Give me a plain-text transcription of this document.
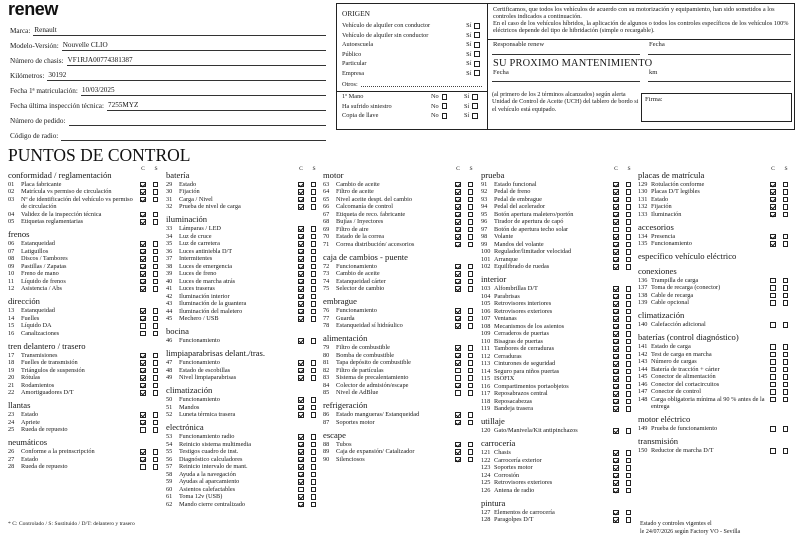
renew
Marca: Renault
Modelo-Versión: Nouvelle CLIO
Número de chasis: VF1RJA00774381387
Kilómetros: 30192
Fecha 1ª matriculación: 10/03/2025
Fecha última inspección técnica: 7255MYZ
Número de pedido:
Código de radio:
ORIGEN
Vehículo de alquiler con conductor	Sí
Vehículo de alquiler sin conductor	Sí
Autoescuela	Sí
Público	Sí
Particular	Sí
Empresa	Sí
Otros:
1º Mano	No	Sí
Ha sufrido siniestro	No	Sí
Copia de llave	No	Sí
Certificamos, que todos los vehículos de acuerdo con su motorización y equipamiento, han sido sometidos a los controles indicados a continuación.
En el caso de los vehículos híbridos, la aplicación de algunos o todos los controles específicos de los vehículos 100% eléctricos depende del tipo de hibridación (simple o recargable).
Responsable renew	Fecha
SU PROXIMO MANTENIMIENTO
Fecha	km
(al primero de los 2 términos alcanzados) según alerta Unidad de Control de Aceite (UCH) del tablero de bordo si el vehículo está equipado.
Firma:
PUNTOS DE CONTROL
C S
conformidad / reglamentación
01	Placa fabricante
02	Matrícula vs permiso de circulación
03	Nº de identificación del vehículo vs permiso de circulación
04	Validez de la inspección técnica
05	Etiquetas reglamentarias
frenos
06	Estanqueidad
07	Latiguillos
08	Discos / Tambores
09	Pastillas / Zapatas
10	Freno de mano
11	Líquido de frenos
12	Asistencia / Abs
dirección
13	Estanqueidad
14	Fuelles
15	Líquido DA
16	Canalizaciones
tren delantero / trasero
17	Transmisiones
18	Fuelles de transmisión
19	Triángulos de suspensión
20	Rótulas
21	Rodamientos
22	Amortiguadores D/T
llantas
23	Estado
24	Apriete
25	Rueda de repuesto
neumáticos
26	Conforme a la preinscripción
27	Estado
28	Rueda de repuesto
C S
batería
29	Estado
30	Fijación
31	Carga / Nivel
32	Prueba de nivel de carga
iluminación
33	Lámparas / LED
34	Luz de cruce
35	Luz de carretera
36	Luces antiniebla D/T
37	Intermitentes
38	Luces de emergencia
39	Luces de freno
40	Luces de marcha atrás
41	Luces traseras
42	Iluminación interior
43	Iluminación de la guantera
44	Iluminación del maletero
45	Mechero / USB
bocina
46	Funcionamiento
limpiaparabrisas delant./tras.
47	Funcionamiento
48	Estado de escobillas
49	Nivel limpiaparabrisas
climatización
50	Funcionamiento
51	Mandos
52	Luneta térmica trasera
electrónica
53	Funcionamiento radio
54	Reinicio sistema multimedia
55	Testigos cuadro de inst.
56	Diagnóstico calculadores
57	Reinicio intervalo de mant.
58	Ayuda a la navegación
59	Ayudas al aparcamiento
60	Asientos calefactables
61	Toma 12v (USB)
62	Mando cierre centralizado
C S
motor
63	Cambio de aceite
64	Filtro de aceite
65	Nivel aceite despt. del cambio
66	Calcomanía de control
67	Etiqueta de reco. fabricante
68	Bujías / Inyectores
69	Filtro de aire
70	Estado de la correa
71	Correa distribución/ accesorios
caja de cambios - puente
72	Funcionamiento
73	Cambio de aceite
74	Estanqueidad cárter
75	Selector de cambio
embrague
76	Funcionamiento
77	Guarda
78	Estanqueidad sí hidráulico
alimentación
79	Filtro de combustible
80	Bomba de combustible
81	Tapa depósito de combustible
82	Filtro de partículas
83	Sistema de precalentamiento
84	Colector de admisión/escape
85	Nivel de AdBlue
refrigeración
86	Estado mangueras/ Estanqueidad
87	Soportes motor
escape
88	Tubos
89	Caja de expansión/ Catalizador
90	Silenciosos
C S
prueba
91	Estado funcional
92	Pedal de freno
93	Pedal de embrague
94	Pedal del acelerador
95	Botón apertura maletero/portón
96	Tirador de apertura de capó
97	Botón de apertura techo solar
98	Volante
99	Mandos del volante
100 Regulador/limitador velocidad
101 Arranque
102 Equilibrado de ruedas
interior
103 Alfombrillas D/T
104 Parabrisas
105 Retrovisores interiores
106 Retrovisores exteriores
107 Ventanas
108 Mecanismos de los asientos
109 Cerraderos de puertas
110 Bisagras de puertas
111 Tambores de cerraduras
112 Cerraduras
113 Cinturones de seguridad
114 Seguro para niños puertas
115 ISOFIX
116 Compartimentos portaobjetos
117 Reposabrazos central
118 Reposacabezas
119 Bandeja trasera
utillaje
120 Gato/Manivela/Kit antipinchazos
carrocería
121 Chasis
122 Carrocería exterior
123 Soportes motor
124 Corrosión
125 Retrovisores exteriores
126 Antena de radio
pintura
127 Elementos de carrocería
128 Paragolpes D/T
C S
placas de matrícula
129 Rotulación conforme
130 Placas D/T legibles
131 Estado
132 Fijación
133 Iluminación
accesorios
134 Presencia
135 Funcionamiento
específico vehículo eléctrico
conexiones
136 Trampilla de carga
137 Toma de recarga (conector)
138 Cable de recarga
139 Cable opcional
climatización
140 Calefacción adicional
baterías (control diagnóstico)
141 Estado de carga
142 Test de carga en marcha
143 Número de cargas
144 Batería de tracción + cárter
145 Conector de alimentación
146 Conector del cortacircuitos
147 Conector de control
148 Carga obligatoria mínima al 90 % antes de la entrega
motor eléctrico
149 Prueba de funcionamiento
transmisión
150 Reductor de marcha D/T
* C: Controlado / S: Sustituido / D/T: delantero y trasero	Estado y controles vigentes el
le 24/07/2026 según Factory VO - Sevilla
